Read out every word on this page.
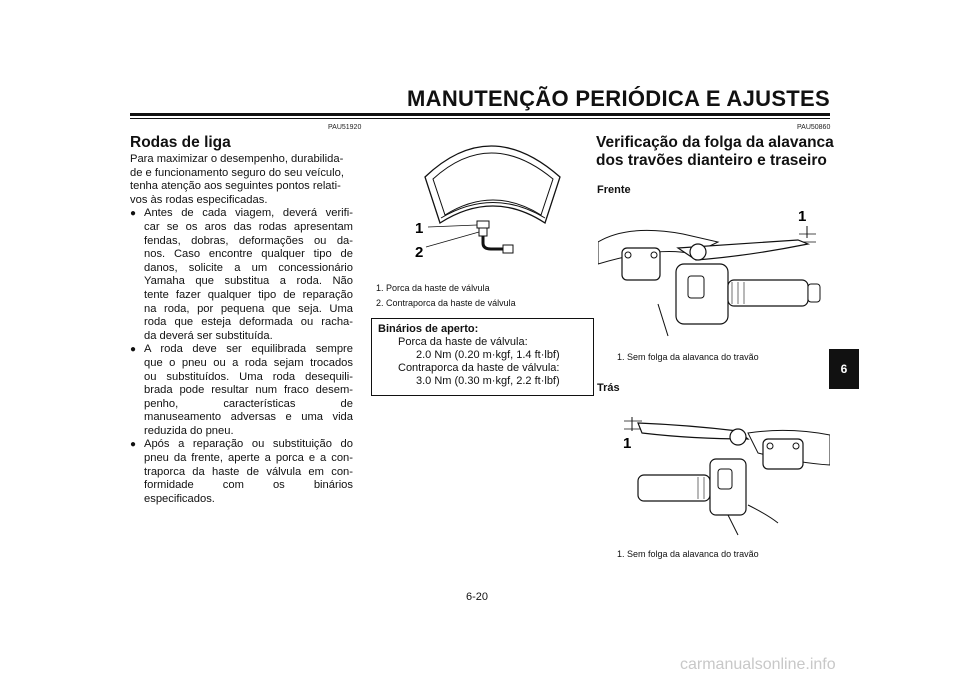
MANUTENÇÃO PERIÓDICA E AJUSTES
PAU51920
Rodas de liga
Para maximizar o desempenho, durabilida-
de e funcionamento seguro do seu veículo,
tenha atenção aos seguintes pontos relati-
vos às rodas especificadas.
● Antes de cada viagem, deverá verifi-
car se os aros das rodas apresentam
fendas, dobras, deformações ou da-
nos. Caso encontre qualquer tipo de
danos, solicite a um concessionário
Yamaha que substitua a roda. Não
tente fazer qualquer tipo de reparação
na roda, por pequena que seja. Uma
roda que esteja deformada ou racha-
da deverá ser substituída.
● A roda deve ser equilibrada sempre
que o pneu ou a roda sejam trocados
ou substituídos. Uma roda desequili-
brada pode resultar num fraco desem-
penho, características de
manuseamento adversas e uma vida
reduzida do pneu.
● Após a reparação ou substituição do
pneu da frente, aperte a porca e a con-
traporca da haste de válvula em con-
formidade com os binários
especificados.
1
2
1. Porca da haste de válvula
2. Contraporca da haste de válvula
Binários de aperto:
Porca da haste de válvula:
2.0 Nm (0.20 m·kgf, 1.4 ft·lbf)
Contraporca da haste de válvula:
3.0 Nm (0.30 m·kgf, 2.2 ft·lbf)
PAU50860
Verificação da folga da alavanca
dos travões dianteiro e traseiro
Frente
1
1. Sem folga da alavanca do travão
Trás
1
1. Sem folga da alavanca do travão
6
6-20
carmanualsonline.info
